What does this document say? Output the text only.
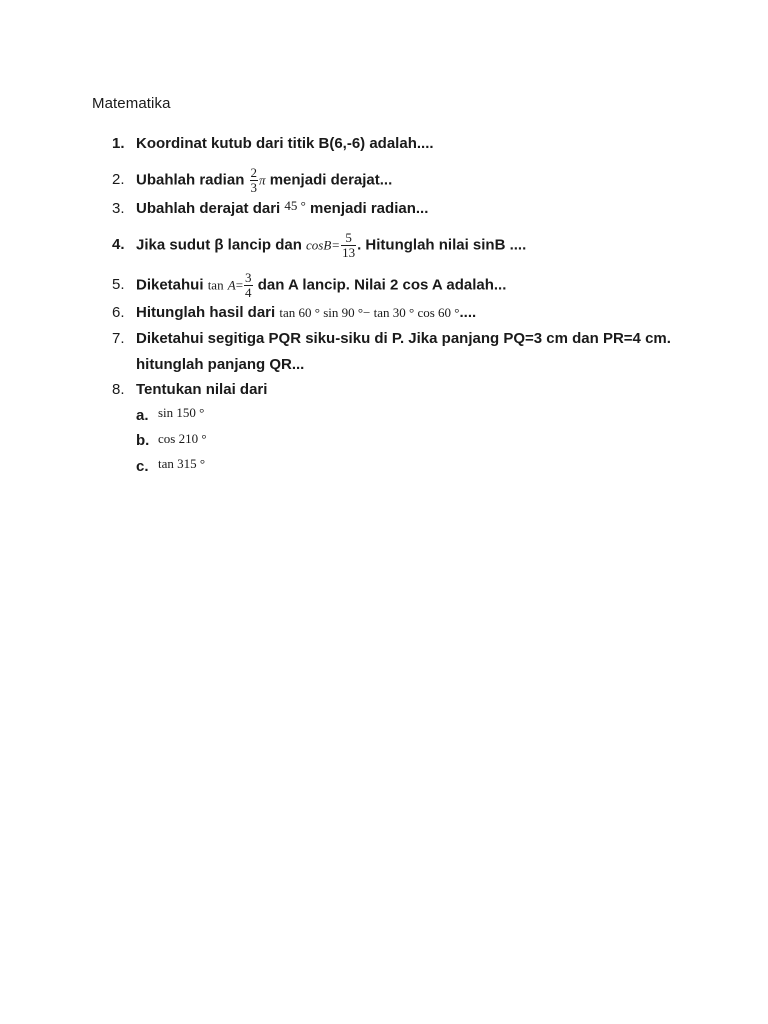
Matematika
1. Koordinat kutub dari titik B(6,-6) adalah....
2. Ubahlah radian $\frac{2}{3}$ π menjadi derajat...
3. Ubahlah derajat dari 45 ° menjadi radian...
4. Jika sudut β lancip dan $\cos B= \frac{5}{13}$ . Hitunglah nilai sinB ....
5. Diketahui $\tan A= \frac{3}{4}$ dan A lancip. Nilai 2 cos A adalah...
6. Hitunglah hasil dari tan 60 ° sin 90 °− tan 30 ° cos 60 °....
7. Diketahui segitiga PQR siku-siku di P. Jika panjang PQ=3 cm dan PR=4 cm.
hitunglah panjang QR...
8. Tentukan nilai dari
a. sin 150 °
b. cos 210 °
c. tan 315 °
